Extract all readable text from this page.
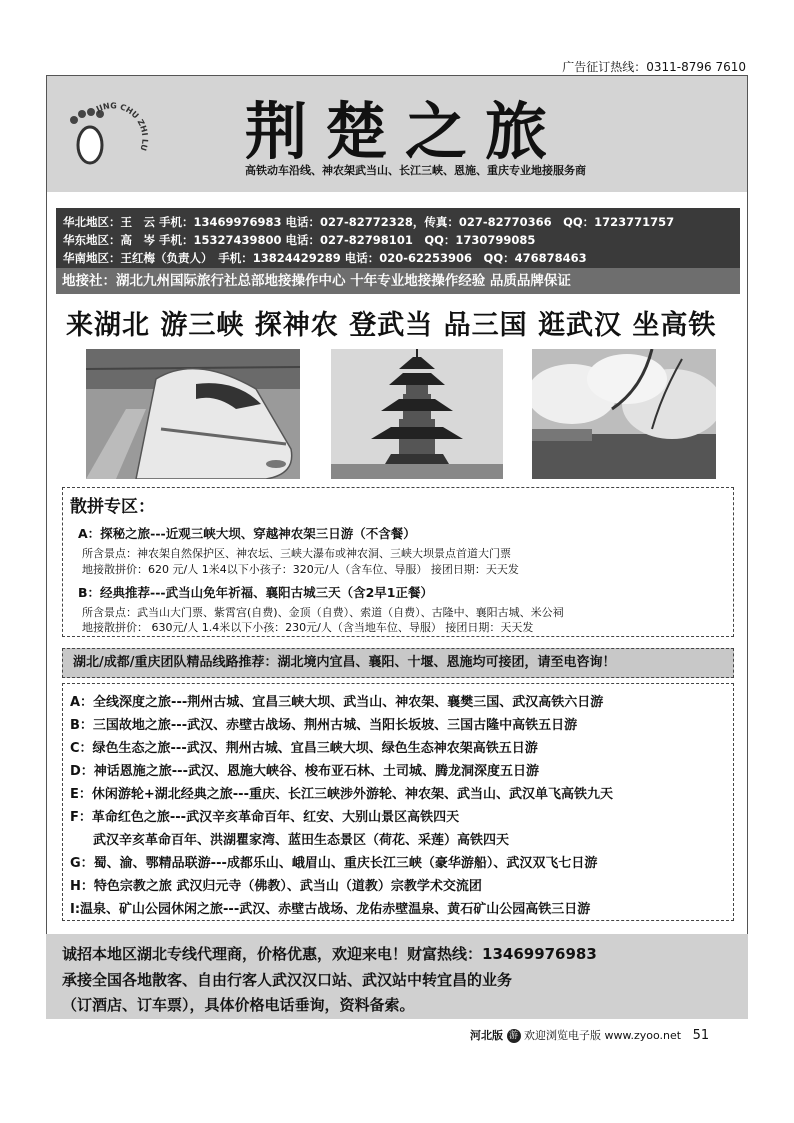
广告征订热线：0311-8796 7610
JING CHU ZHI LU 荆楚之旅
高铁动车沿线、神农架武当山、长江三峡、恩施、重庆专业地接服务商
华北地区：王　云 手机：13469976983 电话：027-82772328，传真：027-82770366　QQ：1723771757
华东地区：高　岑 手机：15327439800 电话：027-82798101　QQ：1730799085
华南地区：王红梅（负责人）　手机：13824429289 电话：020-62253906　QQ：476878463
地接社：湖北九州国际旅行社总部地接操作中心 十年专业地接操作经验 品质品牌保证
来湖北 游三峡 探神农 登武当 品三国 逛武汉 坐高铁
散拼专区：
A：探秘之旅---近观三峡大坝、穿越神农架三日游（不含餐）
所含景点：神农架自然保护区、神农坛、三峡大瀑布或神农洞、三峡大坝景点首道大门票
地接散拼价：620 元/人 1米4以下小孩子：320元/人（含车位、导服） 接团日期：天天发
B：经典推荐---武当山免年祈福、襄阳古城三天（含2早1正餐）
所含景点：武当山大门票、紫霄宫(自费)、金顶（自费）、索道（自费）、古隆中、襄阳古城、米公祠
地接散拼价： 630元/人 1.4米以下小孩：230元/人（含当地车位、导服） 接团日期：天天发
湖北/成都/重庆团队精品线路推荐：湖北境内宜昌、襄阳、十堰、恩施均可接团，请至电咨询！
A：全线深度之旅---荆州古城、宜昌三峡大坝、武当山、神农架、襄樊三国、武汉高铁六日游
B：三国故地之旅---武汉、赤壁古战场、荆州古城、当阳长坂坡、三国古隆中高铁五日游
C：绿色生态之旅---武汉、荆州古城、宜昌三峡大坝、绿色生态神农架高铁五日游
D：神话恩施之旅---武汉、恩施大峡谷、梭布亚石林、土司城、腾龙洞深度五日游
E：休闲游轮+湖北经典之旅---重庆、长江三峡涉外游轮、神农架、武当山、武汉单飞高铁九天
F：革命红色之旅---武汉辛亥革命百年、红安、大别山景区高铁四天
　武汉辛亥革命百年、洪湖瞿家湾、蓝田生态景区（荷花、采莲）高铁四天
G：蜀、渝、鄂精品联游---成都乐山、峨眉山、重庆长江三峡（豪华游船）、武汉双飞七日游
H：特色宗教之旅 武汉归元寺（佛教）、武当山（道教）宗教学术交流团
I:温泉、矿山公园休闲之旅---武汉、赤壁古战场、龙佑赤壁温泉、黄石矿山公园高铁三日游
诚招本地区湖北专线代理商，价格优惠，欢迎来电！财富热线：13469976983
承接全国各地散客、自由行客人武汉汉口站、武汉站中转宜昌的业务
（订酒店、订车票），具体价格电话垂询，资料备索。
河北版 游 欢迎浏览电子版 www.zyoo.net 51
